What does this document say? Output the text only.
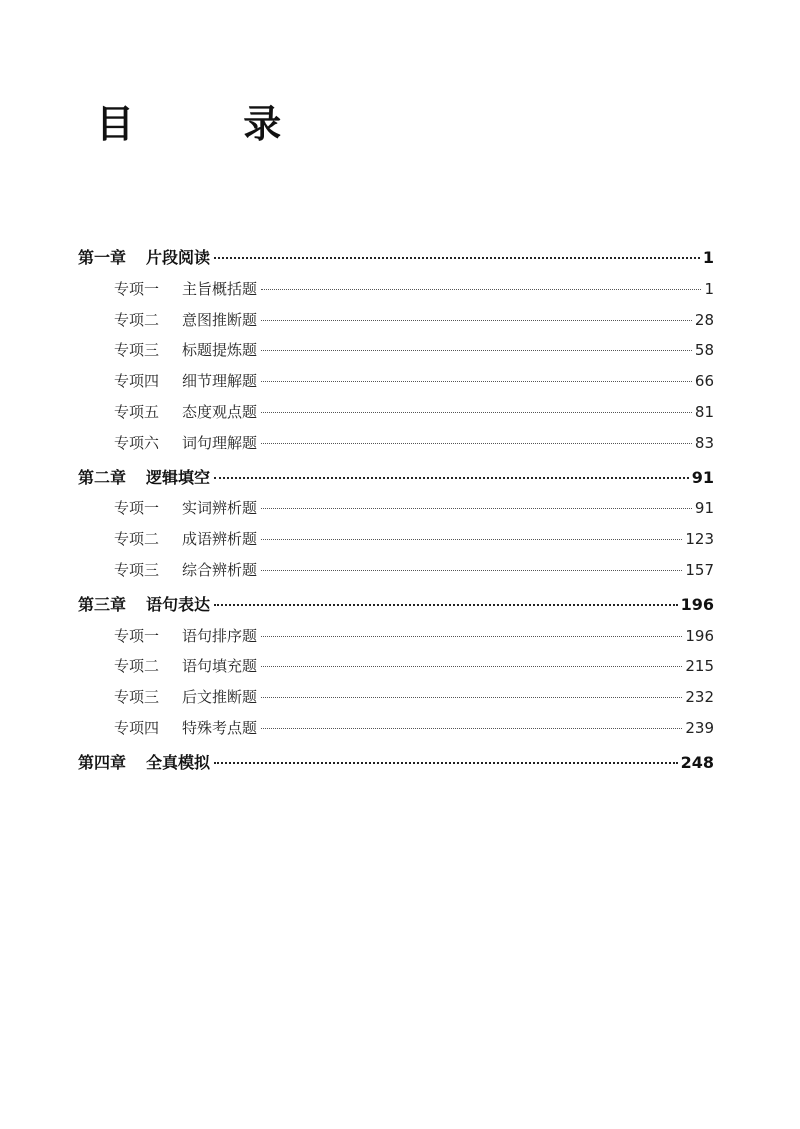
目 录
第一章	片段阅读	1
专项一	主旨概括题	1
专项二	意图推断题	28
专项三	标题提炼题	58
专项四	细节理解题	66
专项五	态度观点题	81
专项六	词句理解题	83
第二章	逻辑填空	91
专项一	实词辨析题	91
专项二	成语辨析题	123
专项三	综合辨析题	157
第三章	语句表达	196
专项一	语句排序题	196
专项二	语句填充题	215
专项三	后文推断题	232
专项四	特殊考点题	239
第四章	全真模拟	248
